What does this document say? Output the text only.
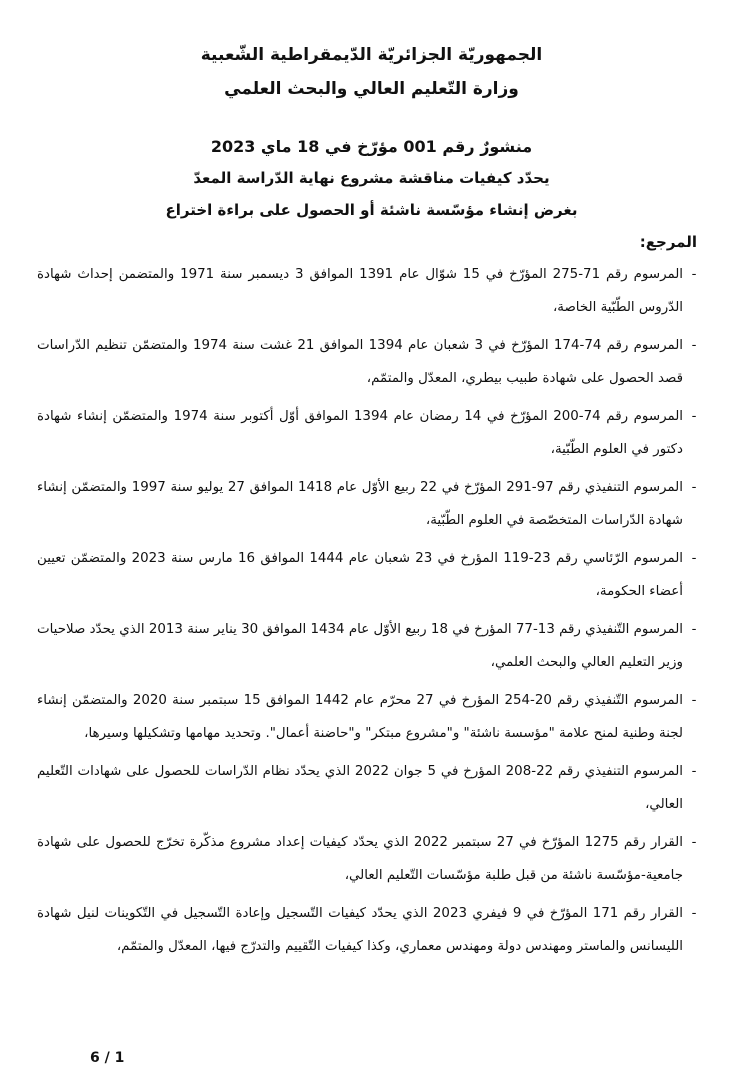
الجمهوريّة الجزائريّة الدّيمقراطية الشّعبية
وزارة التّعليم العالي والبحث العلمي
منشورٌ رقم 001 مؤرّخ في 18 ماي 2023
يحدّد كيفيات مناقشة مشروع نهاية الدّراسة المعدّ
بغرض إنشاء مؤسّسة ناشئة أو الحصول على براءة اختراع
المرجع:
-
المرسوم رقم 71-275 المؤرّخ في 15 شوّال عام 1391 الموافق 3 ديسمبر سنة 1971 والمتضمن إحداث شهادة الدّروس الطّبّية الخاصة،
-
المرسوم رقم 74-174 المؤرّخ في 3 شعبان عام 1394 الموافق 21 غشت سنة 1974 والمتضمّن تنظيم الدّراسات قصد الحصول على شهادة طبيب بيطري، المعدّل والمتمّم،
-
المرسوم رقم 74-200 المؤرّخ في 14 رمضان عام 1394 الموافق أوّل أكتوبر سنة 1974 والمتضمّن إنشاء شهادة دكتور في العلوم الطّبّية،
-
المرسوم التنفيذي رقم 97-291 المؤرّخ في 22 ربيع الأوّل عام 1418 الموافق 27 يوليو سنة 1997 والمتضمّن إنشاء شهادة الدّراسات المتخصّصة في العلوم الطّبّية،
-
المرسوم الرّئاسي رقم 23-119 المؤرخ في 23 شعبان عام 1444 الموافق 16 مارس سنة 2023 والمتضمّن تعيين أعضاء الحكومة،
-
المرسوم التّنفيذي رقم 13-77 المؤرخ في 18 ربيع الأوّل عام 1434 الموافق 30 يناير سنة 2013 الذي يحدّد صلاحيات وزير التعليم العالي والبحث العلمي،
-
المرسوم التّنفيذي رقم 20-254 المؤرخ في 27 محرّم عام 1442 الموافق 15 سبتمبر سنة 2020 والمتضمّن إنشاء لجنة وطنية لمنح علامة "مؤسسة ناشئة" و"مشروع مبتكر" و"حاضنة أعمال". وتحديد مهامها وتشكيلها وسيرها،
-
المرسوم التنفيذي رقم 22-208 المؤرخ في 5 جوان 2022 الذي يحدّد نظام الدّراسات للحصول على شهادات التّعليم العالي،
-
القرار رقم 1275 المؤرّخ في 27 سبتمبر 2022 الذي يحدّد كيفيات إعداد مشروع مذكّرة تخرّج للحصول على شهادة جامعية-مؤسّسة ناشئة من قبل طلبة مؤسّسات التّعليم العالي،
-
القرار رقم 171 المؤرّخ في 9 فيفري 2023 الذي يحدّد كيفيات التّسجيل وإعادة التّسجيل في التّكوينات لنيل شهادة الليسانس والماستر ومهندس دولة ومهندس معماري، وكذا كيفيات التّقييم والتدرّج فيها، المعدّل والمتمّم،
6 / 1
